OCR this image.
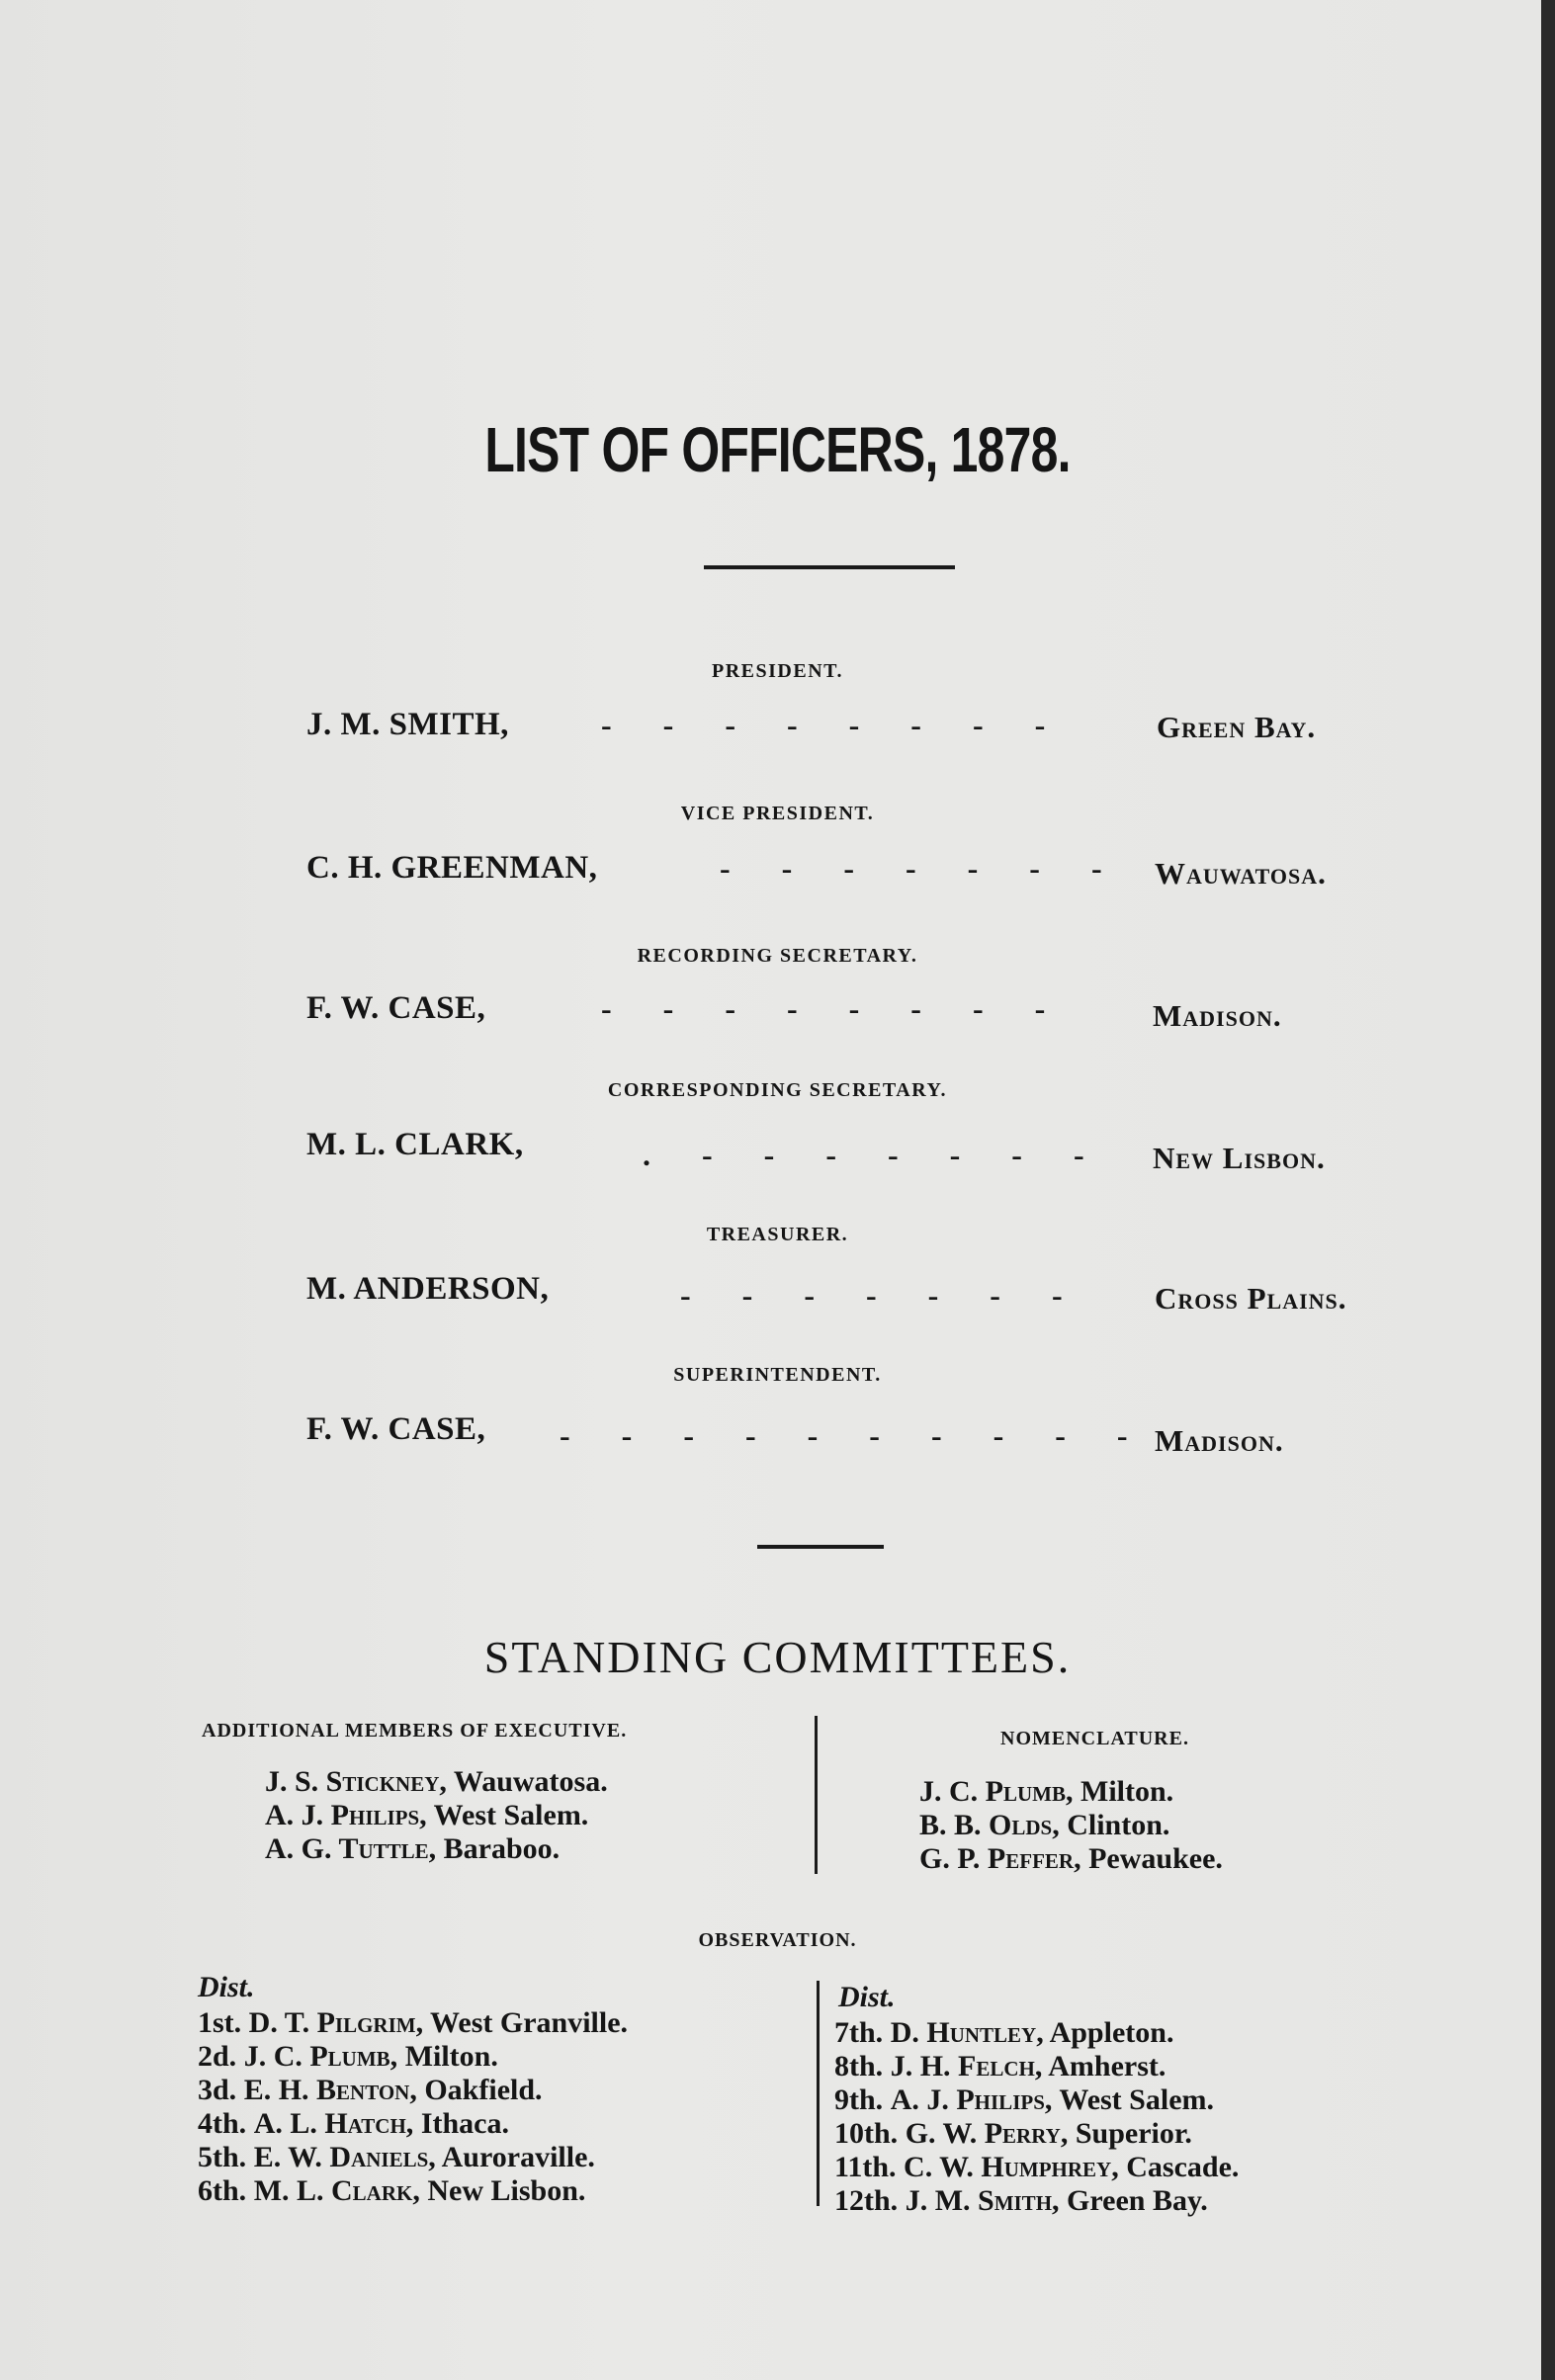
LIST OF OFFICERS, 1878.
PRESIDENT.
J. M. SMITH,	- - - - - - - -	Green Bay.
VICE PRESIDENT.
C. H. GREENMAN,	- - - - - - - Wauwatosa.
RECORDING SECRETARY.
F. W. CASE,	- - - - - - - -	Madison.
CORRESPONDING SECRETARY.
M. L. CLARK,	. - - - - - - - New Lisbon.
TREASURER.
M. ANDERSON,	- - - - - - - Cross Plains.
SUPERINTENDENT.
F. W. CASE, - - - - - - - - - - Madison.
STANDING COMMITTEES.
ADDITIONAL MEMBERS OF EXECUTIVE.	NOMENCLATURE.
J. S. Stickney, Wauwatosa.
A. J. Philips, West Salem.
A. G. Tuttle, Baraboo.
J. C. Plumb, Milton.
B. B. Olds, Clinton.
G. P. Peffer, Pewaukee.
OBSERVATION.
Dist.	Dist.
1st. D. T. Pilgrim, West Granville.
2d. J. C. Plumb, Milton.
3d. E. H. Benton, Oakfield.
4th. A. L. Hatch, Ithaca.
5th. E. W. Daniels, Auroraville.
6th. M. L. Clark, New Lisbon.
7th. D. Huntley, Appleton.
8th. J. H. Felch, Amherst.
9th. A. J. Philips, West Salem.
10th. G. W. Perry, Superior.
11th. C. W. Humphrey, Cascade.
12th. J. M. Smith, Green Bay.
